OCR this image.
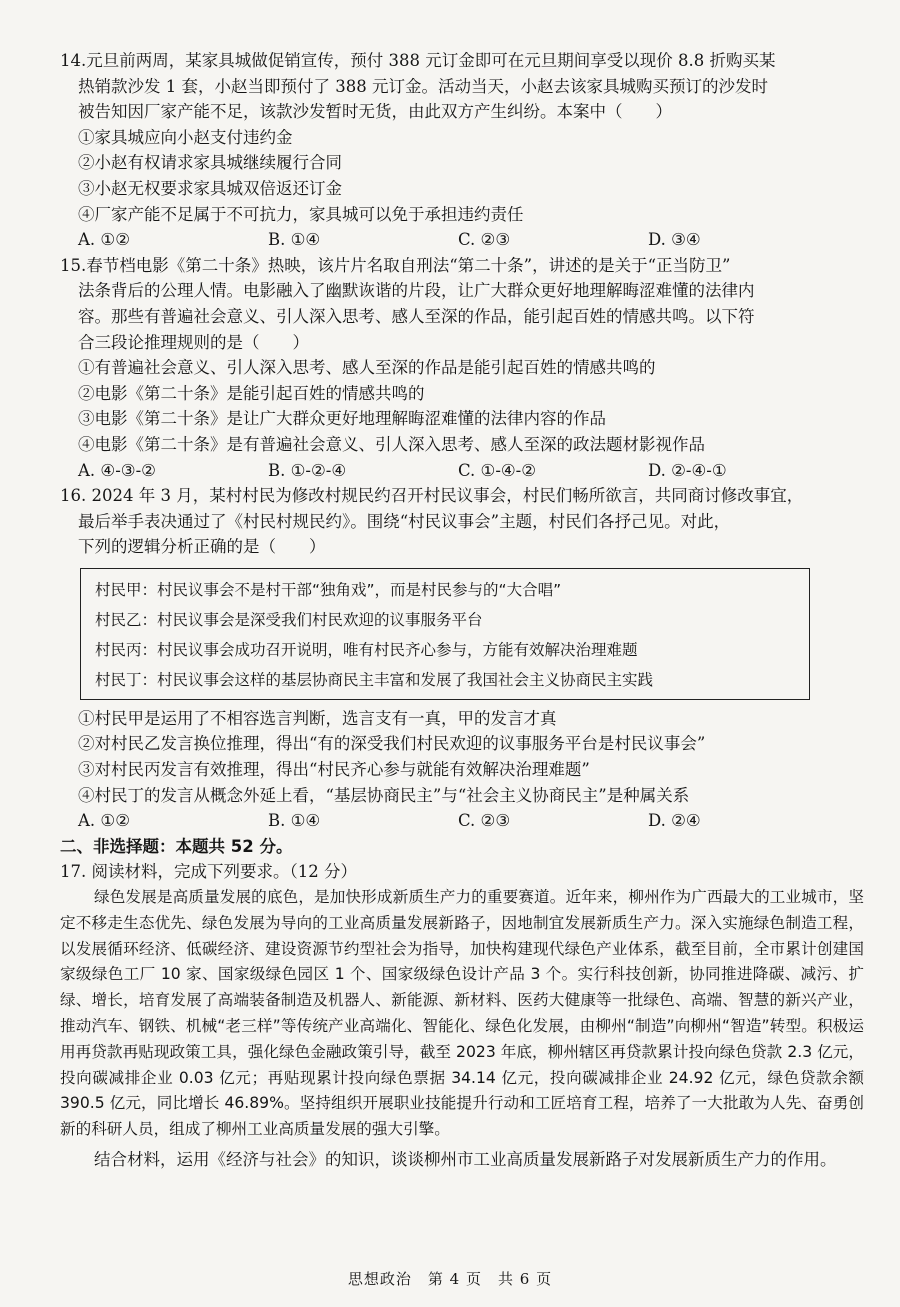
14.元旦前两周，某家具城做促销宣传，预付 388 元订金即可在元旦期间享受以现价 8.8 折购买某
热销款沙发 1 套，小赵当即预付了 388 元订金。活动当天，小赵去该家具城购买预订的沙发时
被告知因厂家产能不足，该款沙发暂时无货，由此双方产生纠纷。本案中（　　）
①家具城应向小赵支付违约金
②小赵有权请求家具城继续履行合同
③小赵无权要求家具城双倍返还订金
④厂家产能不足属于不可抗力，家具城可以免于承担违约责任
A. ①②	B. ①④	C. ②③	D. ③④
15.春节档电影《第二十条》热映，该片片名取自刑法“第二十条”，讲述的是关于“正当防卫”
法条背后的公理人情。电影融入了幽默诙谐的片段，让广大群众更好地理解晦涩难懂的法律内
容。那些有普遍社会意义、引人深入思考、感人至深的作品，能引起百姓的情感共鸣。以下符
合三段论推理规则的是（　　）
①有普遍社会意义、引人深入思考、感人至深的作品是能引起百姓的情感共鸣的
②电影《第二十条》是能引起百姓的情感共鸣的
③电影《第二十条》是让广大群众更好地理解晦涩难懂的法律内容的作品
④电影《第二十条》是有普遍社会意义、引人深入思考、感人至深的政法题材影视作品
A. ④-③-②	B. ①-②-④	C. ①-④-②	D. ②-④-①
16. 2024 年 3 月，某村村民为修改村规民约召开村民议事会，村民们畅所欲言，共同商讨修改事宜，
最后举手表决通过了《村民村规民约》。围绕“村民议事会”主题，村民们各抒己见。对此，
下列的逻辑分析正确的是（　　）
村民甲：村民议事会不是村干部“独角戏”，而是村民参与的“大合唱”
村民乙：村民议事会是深受我们村民欢迎的议事服务平台
村民丙：村民议事会成功召开说明，唯有村民齐心参与，方能有效解决治理难题
村民丁：村民议事会这样的基层协商民主丰富和发展了我国社会主义协商民主实践
①村民甲是运用了不相容选言判断，选言支有一真，甲的发言才真
②对村民乙发言换位推理，得出“有的深受我们村民欢迎的议事服务平台是村民议事会”
③对村民丙发言有效推理，得出“村民齐心参与就能有效解决治理难题”
④村民丁的发言从概念外延上看，“基层协商民主”与“社会主义协商民主”是种属关系
A. ①②	B. ①④	C. ②③	D. ②④
二、非选择题：本题共 52 分。
17. 阅读材料，完成下列要求。（12 分）
绿色发展是高质量发展的底色，是加快形成新质生产力的重要赛道。近年来，柳州作为广西最大的工业城市，坚定不移走生态优先、绿色发展为导向的工业高质量发展新路子，因地制宜发展新质生产力。深入实施绿色制造工程，以发展循环经济、低碳经济、建设资源节约型社会为指导，加快构建现代绿色产业体系，截至目前，全市累计创建国家级绿色工厂 10 家、国家级绿色园区 1 个、国家级绿色设计产品 3 个。实行科技创新，协同推进降碳、减污、扩绿、增长，培育发展了高端装备制造及机器人、新能源、新材料、医药大健康等一批绿色、高端、智慧的新兴产业，推动汽车、钢铁、机械“老三样”等传统产业高端化、智能化、绿色化发展，由柳州“制造”向柳州“智造”转型。积极运用再贷款再贴现政策工具，强化绿色金融政策引导，截至 2023 年底，柳州辖区再贷款累计投向绿色贷款 2.3 亿元，投向碳减排企业 0.03 亿元；再贴现累计投向绿色票据 34.14 亿元，投向碳减排企业 24.92 亿元，绿色贷款余额 390.5 亿元，同比增长 46.89%。坚持组织开展职业技能提升行动和工匠培育工程，培养了一大批敢为人先、奋勇创新的科研人员，组成了柳州工业高质量发展的强大引擎。
结合材料，运用《经济与社会》的知识，谈谈柳州市工业高质量发展新路子对发展新质生产力的作用。
思想政治　第 4 页　共 6 页
